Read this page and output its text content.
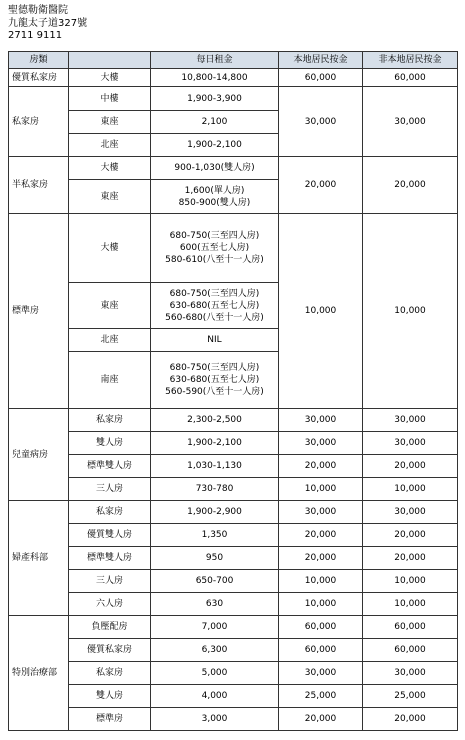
聖德勒衛醫院
九龍太子道327號
2711 9111
房類		每日租金	本地居民按金	非本地居民按金
優質私家房	大樓	10,800-14,800	60,000	60,000
私家房	中樓	1,900-3,900	30,000	30,000
	東座	2,100		

	北座	1,900-2,100		

半私家房	大樓	900-1,030(雙人房)	20,000	20,000
	東座	1,600(單人房)
850-900(雙人房)		

標準房	大樓	680-750(三至四人房)
600(五至七人房)
580-610(八至十一人房)	10,000	10,000
	東座	680-750(三至四人房)
630-680(五至七人房)
560-680(八至十一人房)		

	北座	NIL		

	南座	680-750(三至四人房)
630-680(五至七人房)
560-590(八至十一人房)		

兒童病房	私家房	2,300-2,500	30,000	30,000
	雙人房	1,900-2,100	30,000	30,000
	標準雙人房	1,030-1,130	20,000	20,000
	三人房	730-780	10,000	10,000
婦產科部	私家房	1,900-2,900	30,000	30,000
	優質雙人房	1,350	20,000	20,000
	標準雙人房	950	20,000	20,000
	三人房	650-700	10,000	10,000
	六人房	630	10,000	10,000
特別治療部	負壓配房	7,000	60,000	60,000
	優質私家房	6,300	60,000	60,000
	私家房	5,000	30,000	30,000
	雙人房	4,000	25,000	25,000
	標準房	3,000	20,000	20,000
